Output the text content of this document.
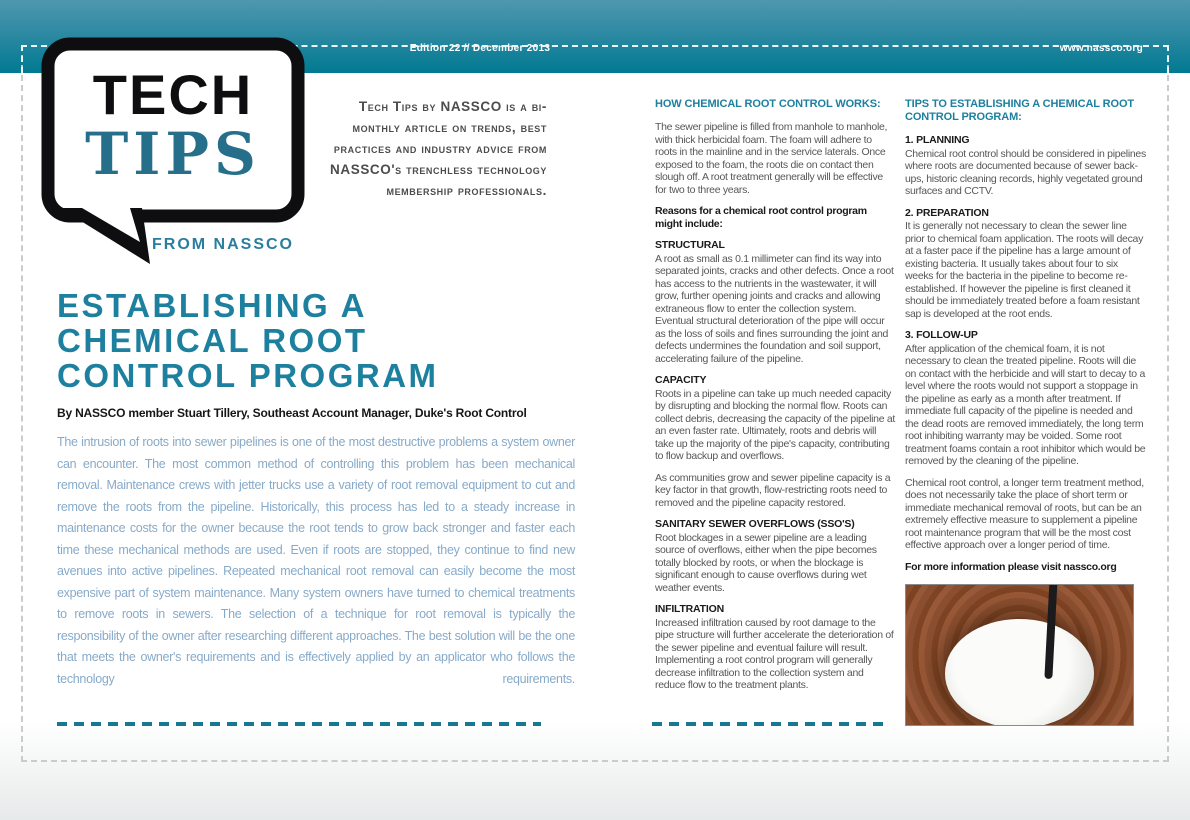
Edition 22 // December 2013	www.nassco.org
TECH
TIPS
FROM NASSCO
Tech Tips by NASSCO is a bi-monthly article on trends, best practices and industry advice from NASSCO's trenchless technology membership professionals.
ESTABLISHING A
CHEMICAL ROOT
CONTROL PROGRAM
By NASSCO member Stuart Tillery, Southeast Account Manager, Duke's Root Control

The intrusion of roots into sewer pipelines is one of the most destructive problems a system owner can encounter. The most common method of controlling this problem has been mechanical removal. Maintenance crews with jetter trucks use a variety of root removal equipment to cut and remove the roots from the pipeline. Historically, this process has led to a steady increase in maintenance costs for the owner because the root tends to grow back stronger and faster each time these mechanical methods are used. Even if roots are stopped, they continue to find new avenues into active pipelines. Repeated mechanical root removal can easily become the most expensive part of system maintenance. Many system owners have turned to chemical treatments to remove roots in sewers. The selection of a technique for root removal is typically the responsibility of the owner after researching different approaches. The best solution will be the one that meets the owner's requirements and is effectively applied by an applicator who follows the technology requirements.

HOW CHEMICAL ROOT CONTROL WORKS:

The sewer pipeline is filled from manhole to manhole, with thick herbicidal foam. The foam will adhere to roots in the mainline and in the service laterals. Once exposed to the foam, the roots die on contact then slough off. A root treatment generally will be effective for two to three years.

Reasons for a chemical root control program might include:

STRUCTURAL

A root as small as 0.1 millimeter can find its way into separated joints, cracks and other defects. Once a root has access to the nutrients in the wastewater, it will grow, further opening joints and cracks and allowing extraneous flow to enter the collection system. Eventual structural deterioration of the pipe will occur as the loss of soils and fines surrounding the joint and defects undermines the foundation and soil support, accelerating failure of the pipeline.

CAPACITY

Roots in a pipeline can take up much needed capacity by disrupting and blocking the normal flow. Roots can collect debris, decreasing the capacity of the pipeline at an even faster rate. Ultimately, roots and debris will take up the majority of the pipe's capacity, contributing to flow backup and overflows.

As communities grow and sewer pipeline capacity is a key factor in that growth, flow-restricting roots need to removed and the pipeline capacity restored.

SANITARY SEWER OVERFLOWS (SSO'S)

Root blockages in a sewer pipeline are a leading source of overflows, either when the pipe becomes totally blocked by roots, or when the blockage is significant enough to cause overflows during wet weather events.

INFILTRATION

Increased infiltration caused by root damage to the pipe structure will further accelerate the deterioration of the sewer pipeline and eventual failure will result. Implementing a root control program will generally decrease infiltration to the collection system and reduce flow to the treatment plants.

TIPS TO ESTABLISHING A CHEMICAL ROOT CONTROL PROGRAM:
1. PLANNING

Chemical root control should be considered in pipelines where roots are documented because of sewer back-ups, historic cleaning records, highly vegetated ground surfaces and CCTV.

2. PREPARATION

It is generally not necessary to clean the sewer line prior to chemical foam application. The roots will decay at a faster pace if the pipeline has a large amount of existing bacteria. It usually takes about four to six weeks for the bacteria in the pipeline to become re-established. If however the pipeline is first cleaned it should be immediately treated before a foam resistant sap is developed at the root ends.

3. FOLLOW-UP

After application of the chemical foam, it is not necessary to clean the treated pipeline. Roots will die on contact with the herbicide and will start to decay to a level where the roots would not support a stoppage in the pipeline as early as a month after treatment. If immediate full capacity of the pipeline is needed and the dead roots are removed immediately, the long term root inhibiting warranty may be voided. Some root treatment foams contain a root inhibitor which would be removed by the cleaning of the pipeline.

Chemical root control, a longer term treatment method, does not necessarily take the place of short term or immediate mechanical removal of roots, but can be an extremely effective measure to supplement a pipeline root maintenance program that will be the most cost effective approach over a longer period of time.

For more information please visit nassco.org
